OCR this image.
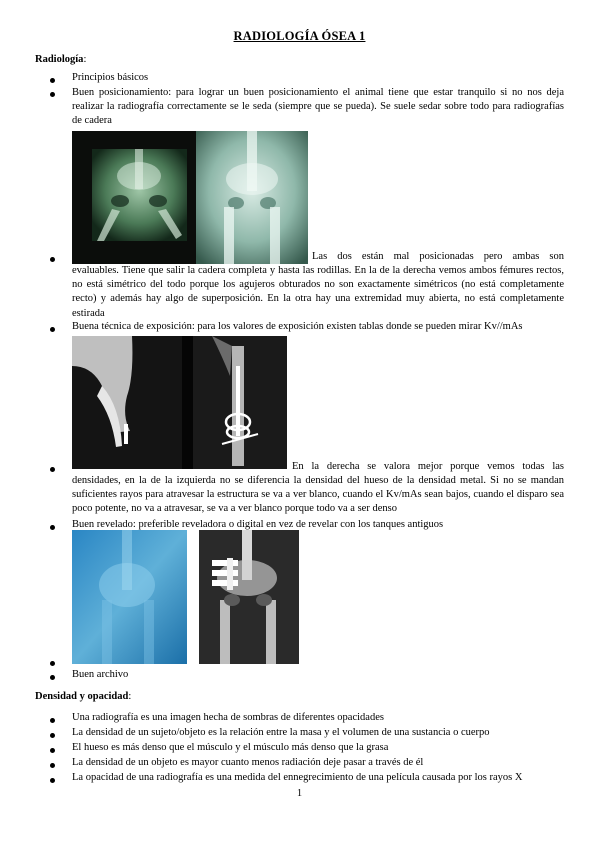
RADIOLOGÍA ÓSEA 1
Radiología:
Principios básicos
Buen posicionamiento: para lograr un buen posicionamiento el animal tiene que estar tranquilo si no nos deja realizar la radiografía correctamente se le seda (siempre que se pueda). Se suele sedar sobre todo para radiografías de cadera
Las dos están mal posicionadas pero ambas son
evaluables. Tiene que salir la cadera completa y hasta las rodillas. En la de la derecha vemos ambos fémures rectos, no está simétrico del todo porque los agujeros obturados no son exactamente simétricos (no está completamente recto) y además hay algo de superposición. En la otra hay una extremidad muy abierta, no está completamente estirada
Buena técnica de exposición: para los valores de exposición existen tablas donde se pueden mirar Kv//mAs
En la derecha se valora mejor porque vemos todas las
densidades, en la de la izquierda no se diferencia la densidad del hueso de la densidad metal. Si no se mandan suficientes rayos para atravesar la estructura se va a ver blanco, cuando el Kv/mAs sean bajos, cuando el disparo sea poco potente, no va a atravesar, se va a ver blanco porque todo va a ser denso
Buen revelado: preferible reveladora o digital en vez de revelar con los tanques antiguos
Buen archivo
Densidad y opacidad:
Una radiografía es una imagen hecha de sombras de diferentes opacidades
La densidad de un sujeto/objeto es la relación entre la masa y el volumen de una sustancia o cuerpo
El hueso es más denso que el músculo y el músculo más denso que la grasa
La densidad de un objeto es mayor cuanto menos radiación deje pasar a través de él
La opacidad de una radiografía es una medida del ennegrecimiento de una película causada por los rayos X
1
